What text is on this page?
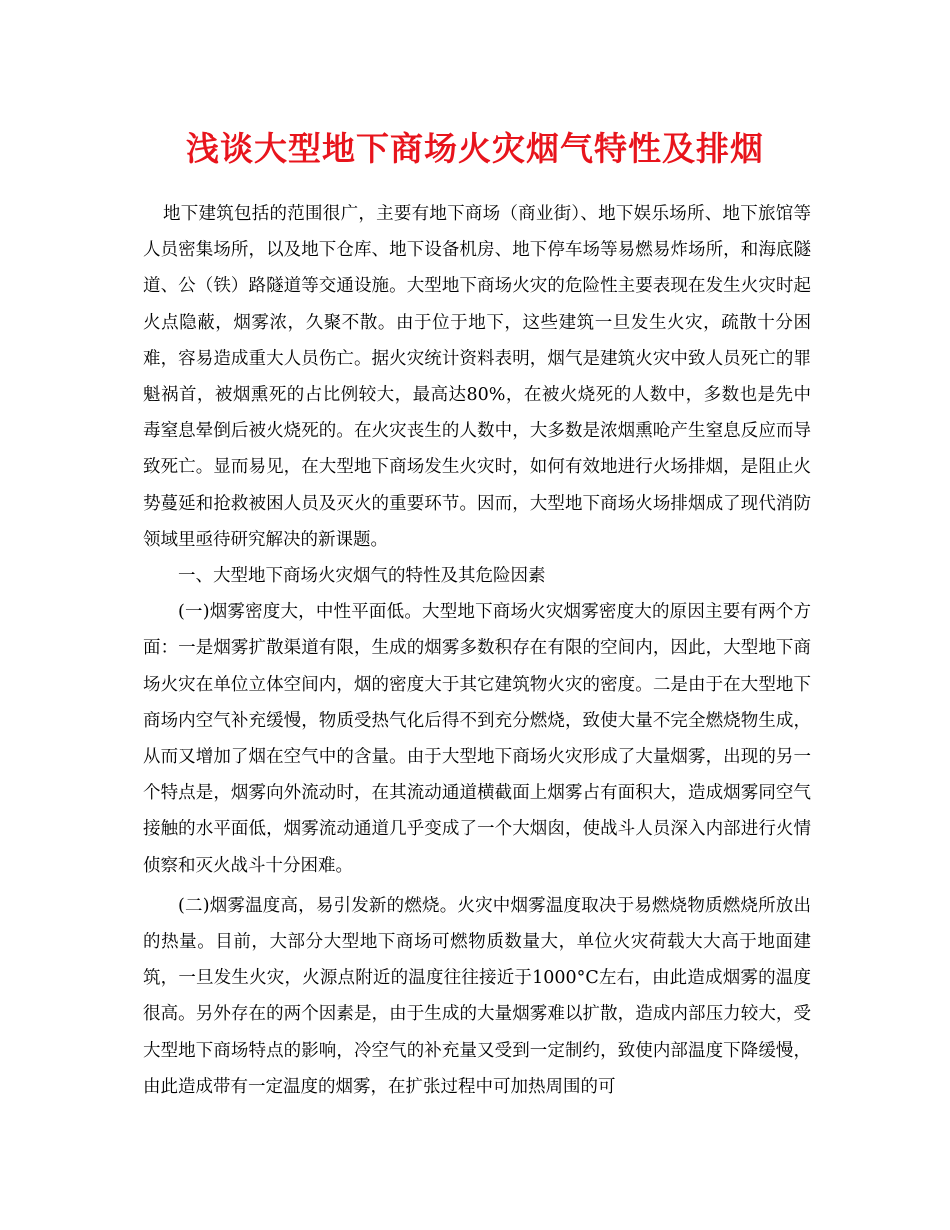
浅谈大型地下商场火灾烟气特性及排烟

地下建筑包括的范围很广，主要有地下商场（商业街）、地下娱乐场所、地下旅馆等人员密集场所，以及地下仓库、地下设备机房、地下停车场等易燃易炸场所，和海底隧道、公（铁）路隧道等交通设施。大型地下商场火灾的危险性主要表现在发生火灾时起火点隐蔽，烟雾浓，久聚不散。由于位于地下，这些建筑一旦发生火灾，疏散十分困难，容易造成重大人员伤亡。据火灾统计资料表明，烟气是建筑火灾中致人员死亡的罪魁祸首，被烟熏死的占比例较大，最高达80%，在被火烧死的人数中，多数也是先中毒窒息晕倒后被火烧死的。在火灾丧生的人数中，大多数是浓烟熏呛产生窒息反应而导致死亡。显而易见，在大型地下商场发生火灾时，如何有效地进行火场排烟，是阻止火势蔓延和抢救被困人员及灭火的重要环节。因而，大型地下商场火场排烟成了现代消防领域里亟待研究解决的新课题。

一、大型地下商场火灾烟气的特性及其危险因素

(一)烟雾密度大，中性平面低。大型地下商场火灾烟雾密度大的原因主要有两个方面：一是烟雾扩散渠道有限，生成的烟雾多数积存在有限的空间内，因此，大型地下商场火灾在单位立体空间内，烟的密度大于其它建筑物火灾的密度。二是由于在大型地下商场内空气补充缓慢，物质受热气化后得不到充分燃烧，致使大量不完全燃烧物生成，从而又增加了烟在空气中的含量。由于大型地下商场火灾形成了大量烟雾，出现的另一个特点是，烟雾向外流动时，在其流动通道横截面上烟雾占有面积大，造成烟雾同空气接触的水平面低，烟雾流动通道几乎变成了一个大烟囱，使战斗人员深入内部进行火情侦察和灭火战斗十分困难。

(二)烟雾温度高，易引发新的燃烧。火灾中烟雾温度取决于易燃烧物质燃烧所放出的热量。目前，大部分大型地下商场可燃物质数量大，单位火灾荷载大大高于地面建筑，一旦发生火灾，火源点附近的温度往往接近于1000°C左右，由此造成烟雾的温度很高。另外存在的两个因素是，由于生成的大量烟雾难以扩散，造成内部压力较大，受大型地下商场特点的影响，冷空气的补充量又受到一定制约，致使内部温度下降缓慢，由此造成带有一定温度的烟雾，在扩张过程中可加热周围的可
